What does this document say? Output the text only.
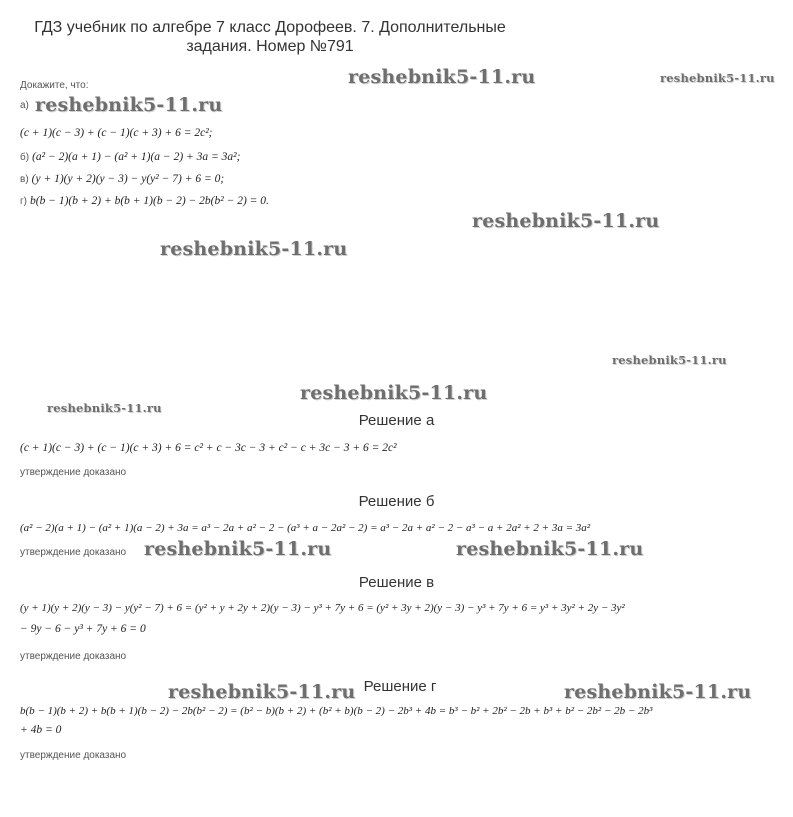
ГДЗ учебник по алгебре 7 класс Дорофеев. 7. Дополнительные
задания. Номер №791
Докажите, что:
а)
(c + 1)(c − 3) + (c − 1)(c + 3) + 6 = 2c²;
б) (a² − 2)(a + 1) − (a² + 1)(a − 2) + 3a = 3a²;
в) (y + 1)(y + 2)(y − 3) − y(y² − 7) + 6 = 0;
г) b(b − 1)(b + 2) + b(b + 1)(b − 2) − 2b(b² − 2) = 0.
Решение а
(c + 1)(c − 3) + (c − 1)(c + 3) + 6 = c² + c − 3c − 3 + c² − c + 3c − 3 + 6 = 2c²
утверждение доказано
Решение б
(a² − 2)(a + 1) − (a² + 1)(a − 2) + 3a = a³ − 2a + a² − 2 − (a³ + a − 2a² − 2) = a³ − 2a + a² − 2 − a³ − a + 2a² + 2 + 3a = 3a²
утверждение доказано
Решение в
(y + 1)(y + 2)(y − 3) − y(y² − 7) + 6 = (y² + y + 2y + 2)(y − 3) − y³ + 7y + 6 = (y² + 3y + 2)(y − 3) − y³ + 7y + 6 = y³ + 3y² + 2y − 3y²
− 9y − 6 − y³ + 7y + 6 = 0
утверждение доказано
Решение г
b(b − 1)(b + 2) + b(b + 1)(b − 2) − 2b(b² − 2) = (b² − b)(b + 2) + (b² + b)(b − 2) − 2b³ + 4b = b³ − b² + 2b² − 2b + b³ + b² − 2b² − 2b − 2b³
+ 4b = 0
утверждение доказано
reshebnik5-11.ru	reshebnik5-11.ru
reshebnik5-11.ru
reshebnik5-11.ru
reshebnik5-11.ru
reshebnik5-11.ru
reshebnik5-11.ru
reshebnik5-11.ru
reshebnik5-11.ru	reshebnik5-11.ru
reshebnik5-11.ru	reshebnik5-11.ru
